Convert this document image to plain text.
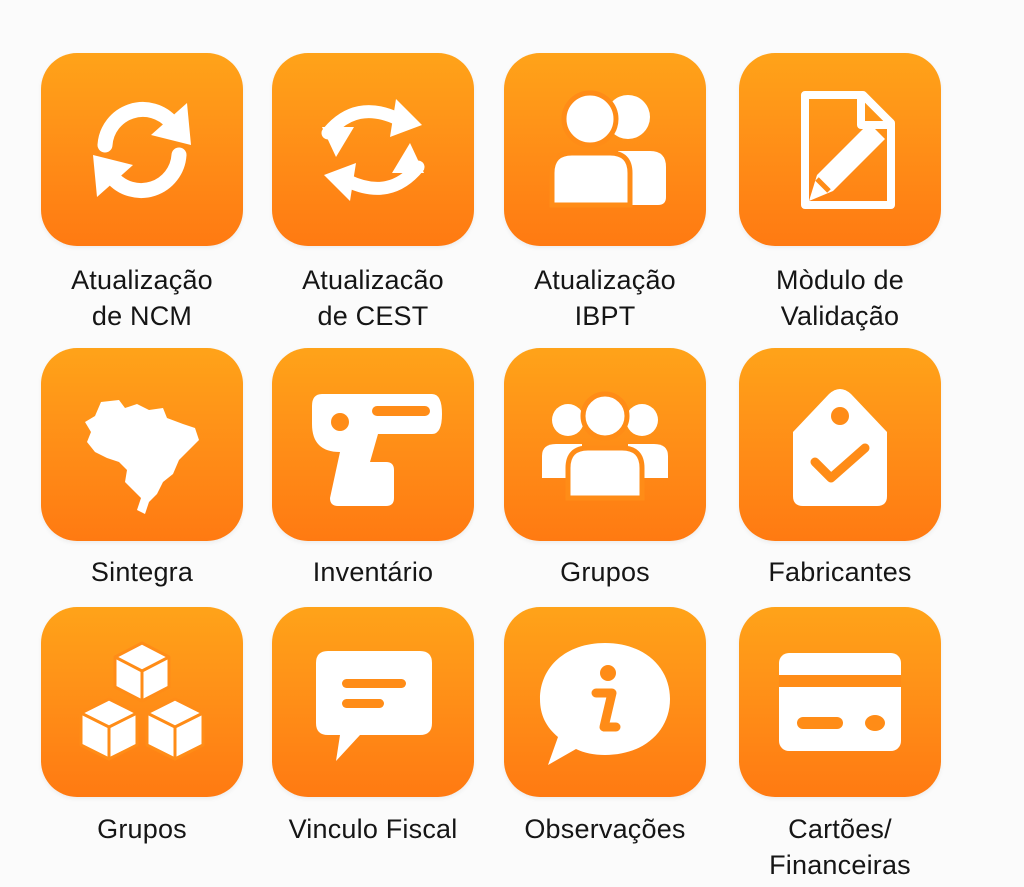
Atualização
de NCM
Atualizacão
de CEST
Atualização
IBPT
Mòdulo de
Validação
Sintegra	Inventário	Grupos	Fabricantes
Grupos	Vinculo Fiscal	Observações	Cartões/
Financeiras
